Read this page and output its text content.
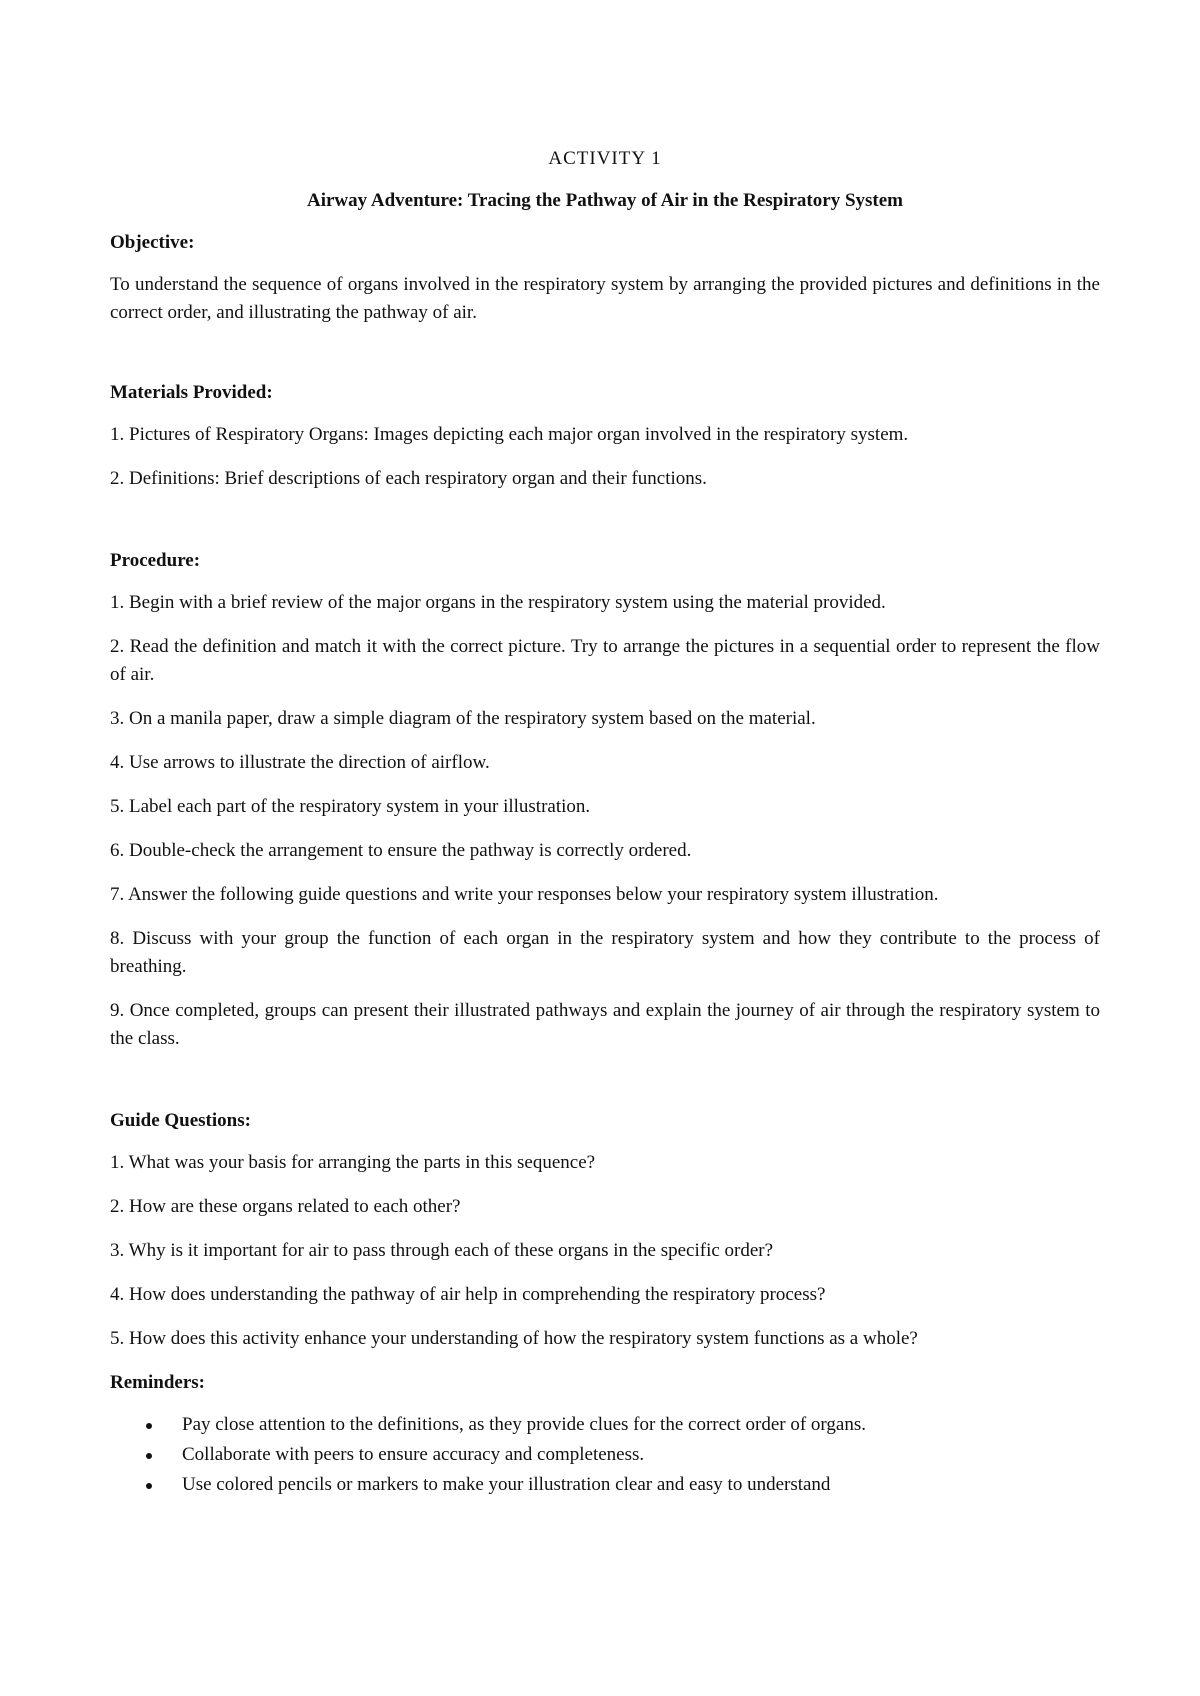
ACTIVITY 1
Airway Adventure: Tracing the Pathway of Air in the Respiratory System
Objective:
To understand the sequence of organs involved in the respiratory system by arranging the provided pictures and definitions in the correct order, and illustrating the pathway of air.
Materials Provided:
1. Pictures of Respiratory Organs: Images depicting each major organ involved in the respiratory system.
2. Definitions: Brief descriptions of each respiratory organ and their functions.
Procedure:
1. Begin with a brief review of the major organs in the respiratory system using the material provided.
2. Read the definition and match it with the correct picture. Try to arrange the pictures in a sequential order to represent the flow of air.
3. On a manila paper, draw a simple diagram of the respiratory system based on the material.
4. Use arrows to illustrate the direction of airflow.
5. Label each part of the respiratory system in your illustration.
6. Double-check the arrangement to ensure the pathway is correctly ordered.
7. Answer the following guide questions and write your responses below your respiratory system illustration.
8. Discuss with your group the function of each organ in the respiratory system and how they contribute to the process of breathing.
9. Once completed, groups can present their illustrated pathways and explain the journey of air through the respiratory system to the class.
Guide Questions:
1. What was your basis for arranging the parts in this sequence?
2. How are these organs related to each other?
3. Why is it important for air to pass through each of these organs in the specific order?
4. How does understanding the pathway of air help in comprehending the respiratory process?
5. How does this activity enhance your understanding of how the respiratory system functions as a whole?
Reminders:
Pay close attention to the definitions, as they provide clues for the correct order of organs.
Collaborate with peers to ensure accuracy and completeness.
Use colored pencils or markers to make your illustration clear and easy to understand
